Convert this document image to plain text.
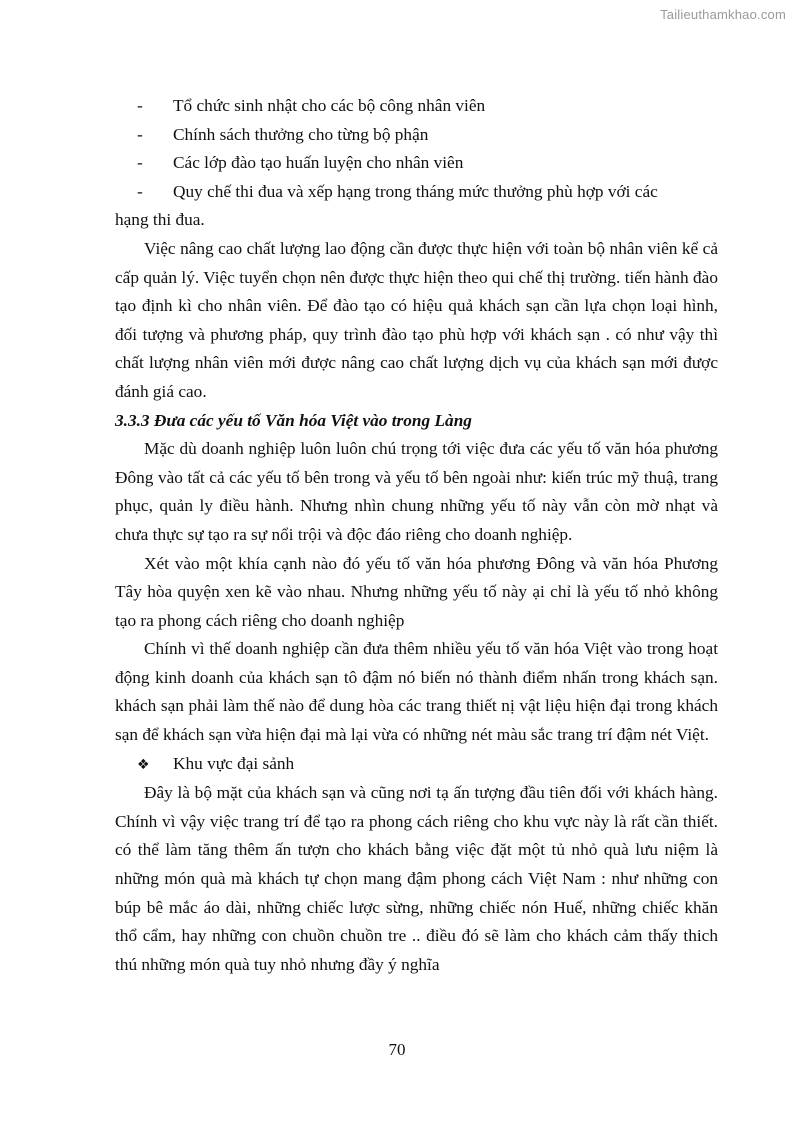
Tailieuthamkhao.com
-	Tổ chức sinh nhật cho các bộ công nhân viên
-	Chính sách thưởng cho từng bộ phận
-	Các lớp đào tạo huấn luyện cho nhân viên
-	Quy chế thi đua và xếp hạng trong tháng mức thưởng phù hợp với các

hạng thi đua.

Việc nâng cao chất lượng lao động cần được thực hiện với toàn bộ nhân viên kể cả cấp quản lý. Việc tuyển chọn nên được thực hiện theo qui chế thị trường. tiến hành đào tạo định kì cho nhân viên. Để đào tạo có hiệu quả khách sạn cần lựa chọn loại hình, đối tượng và phương pháp, quy trình đào tạo phù hợp với khách sạn . có như vậy thì chất lượng nhân viên mới được nâng cao chất lượng dịch vụ của khách sạn mới được đánh giá cao.

3.3.3 Đưa các yếu tố Văn hóa Việt vào trong Làng

Mặc dù doanh nghiệp luôn luôn chú trọng tới việc đưa các yếu tố văn hóa phương Đông vào tất cả các yếu tố bên trong và yếu tố bên ngoài như: kiến trúc mỹ thuậ, trang phục, quản ly điều hành. Nhưng nhìn chung những yếu tố này vẫn còn mờ nhạt và chưa thực sự tạo ra sự nổi trội và độc đáo riêng cho doanh nghiệp.

Xét vào một khía cạnh nào đó yếu tố văn hóa phương Đông và văn hóa Phương Tây hòa quyện xen kẽ vào nhau. Nhưng những yếu tố này ại chỉ là yếu tố nhỏ không tạo ra phong cách riêng cho doanh nghiệp

Chính vì thế doanh nghiệp cần đưa thêm nhiều yếu tố văn hóa Việt vào trong hoạt động kinh doanh của khách sạn tô đậm nó biến nó thành điểm nhấn trong khách sạn. khách sạn phải làm thế nào để dung hòa các trang thiết nị vật liệu hiện đại trong khách sạn để khách sạn vừa hiện đại mà lại vừa có những nét màu sắc trang trí đậm nét Việt.

❖	Khu vực đại sảnh

Đây là bộ mặt của khách sạn và cũng nơi tạ ấn tượng đầu tiên đối với khách hàng. Chính vì vậy việc trang trí để tạo ra phong cách riêng cho khu vực này là rất cần thiết. có thể làm tăng thêm ấn tượn cho khách bằng việc đặt một tủ nhỏ quà lưu niệm là những món quà mà khách tự chọn mang đậm phong cách Việt Nam : như những con búp bê mắc áo dài, những chiếc lược sừng, những chiếc nón Huế, những chiếc khăn thổ cẩm, hay những con chuồn chuồn tre .. điều đó sẽ làm cho khách cảm thấy thich thú những món quà tuy nhỏ nhưng đầy ý nghĩa

70
